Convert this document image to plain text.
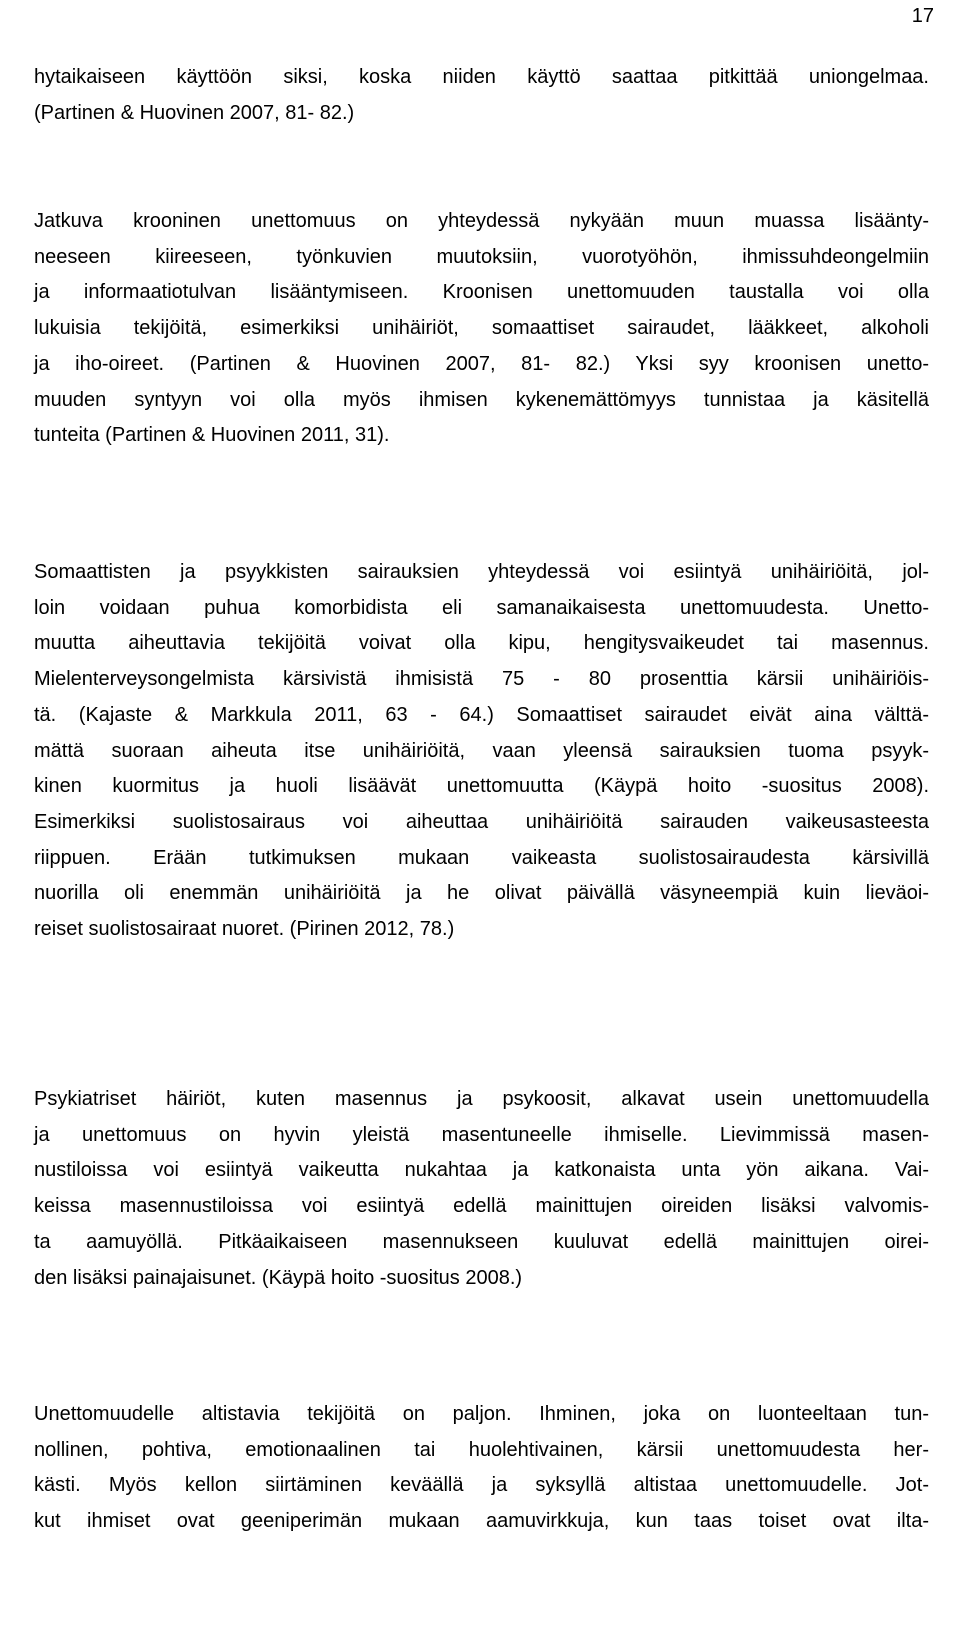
17
hytaikaiseen käyttöön siksi, koska niiden käyttö saattaa pitkittää uniongelmaa.
(Partinen & Huovinen 2007, 81- 82.)
Jatkuva krooninen unettomuus on yhteydessä nykyään muun muassa lisäänty-
neeseen kiireeseen, työnkuvien muutoksiin, vuorotyöhön, ihmissuhdeongelmiin
ja informaatiotulvan lisääntymiseen. Kroonisen unettomuuden taustalla voi olla
lukuisia tekijöitä, esimerkiksi unihäiriöt, somaattiset sairaudet, lääkkeet, alkoholi
ja iho-oireet. (Partinen & Huovinen 2007, 81- 82.) Yksi syy kroonisen unetto-
muuden syntyyn voi olla myös ihmisen kykenemättömyys tunnistaa ja käsitellä
tunteita (Partinen & Huovinen 2011, 31).
Somaattisten ja psyykkisten sairauksien yhteydessä voi esiintyä unihäiriöitä, jol-
loin voidaan puhua komorbidista eli samanaikaisesta unettomuudesta. Unetto-
muutta aiheuttavia tekijöitä voivat olla kipu, hengitysvaikeudet tai masennus.
Mielenterveysongelmista kärsivistä ihmisistä 75 - 80 prosenttia kärsii unihäiriöis-
tä. (Kajaste & Markkula 2011, 63 - 64.) Somaattiset sairaudet eivät aina välttä-
mättä suoraan aiheuta itse unihäiriöitä, vaan yleensä sairauksien tuoma psyyk-
kinen kuormitus ja huoli lisäävät unettomuutta (Käypä hoito -suositus 2008).
Esimerkiksi suolistosairaus voi aiheuttaa unihäiriöitä sairauden vaikeusasteesta
riippuen. Erään tutkimuksen mukaan vaikeasta suolistosairaudesta kärsivillä
nuorilla oli enemmän unihäiriöitä ja he olivat päivällä väsyneempiä kuin lieväoi-
reiset suolistosairaat nuoret. (Pirinen 2012, 78.)
Psykiatriset häiriöt, kuten masennus ja psykoosit, alkavat usein unettomuudella
ja unettomuus on hyvin yleistä masentuneelle ihmiselle. Lievimmissä masen-
nustiloissa voi esiintyä vaikeutta nukahtaa ja katkonaista unta yön aikana. Vai-
keissa masennustiloissa voi esiintyä edellä mainittujen oireiden lisäksi valvomis-
ta aamuyöllä. Pitkäaikaiseen masennukseen kuuluvat edellä mainittujen oirei-
den lisäksi painajaisunet. (Käypä hoito -suositus 2008.)
Unettomuudelle altistavia tekijöitä on paljon. Ihminen, joka on luonteeltaan tun-
nollinen, pohtiva, emotionaalinen tai huolehtivainen, kärsii unettomuudesta her-
kästi. Myös kellon siirtäminen keväällä ja syksyllä altistaa unettomuudelle. Jot-
kut ihmiset ovat geeniperimän mukaan aamuvirkkuja, kun taas toiset ovat ilta-
